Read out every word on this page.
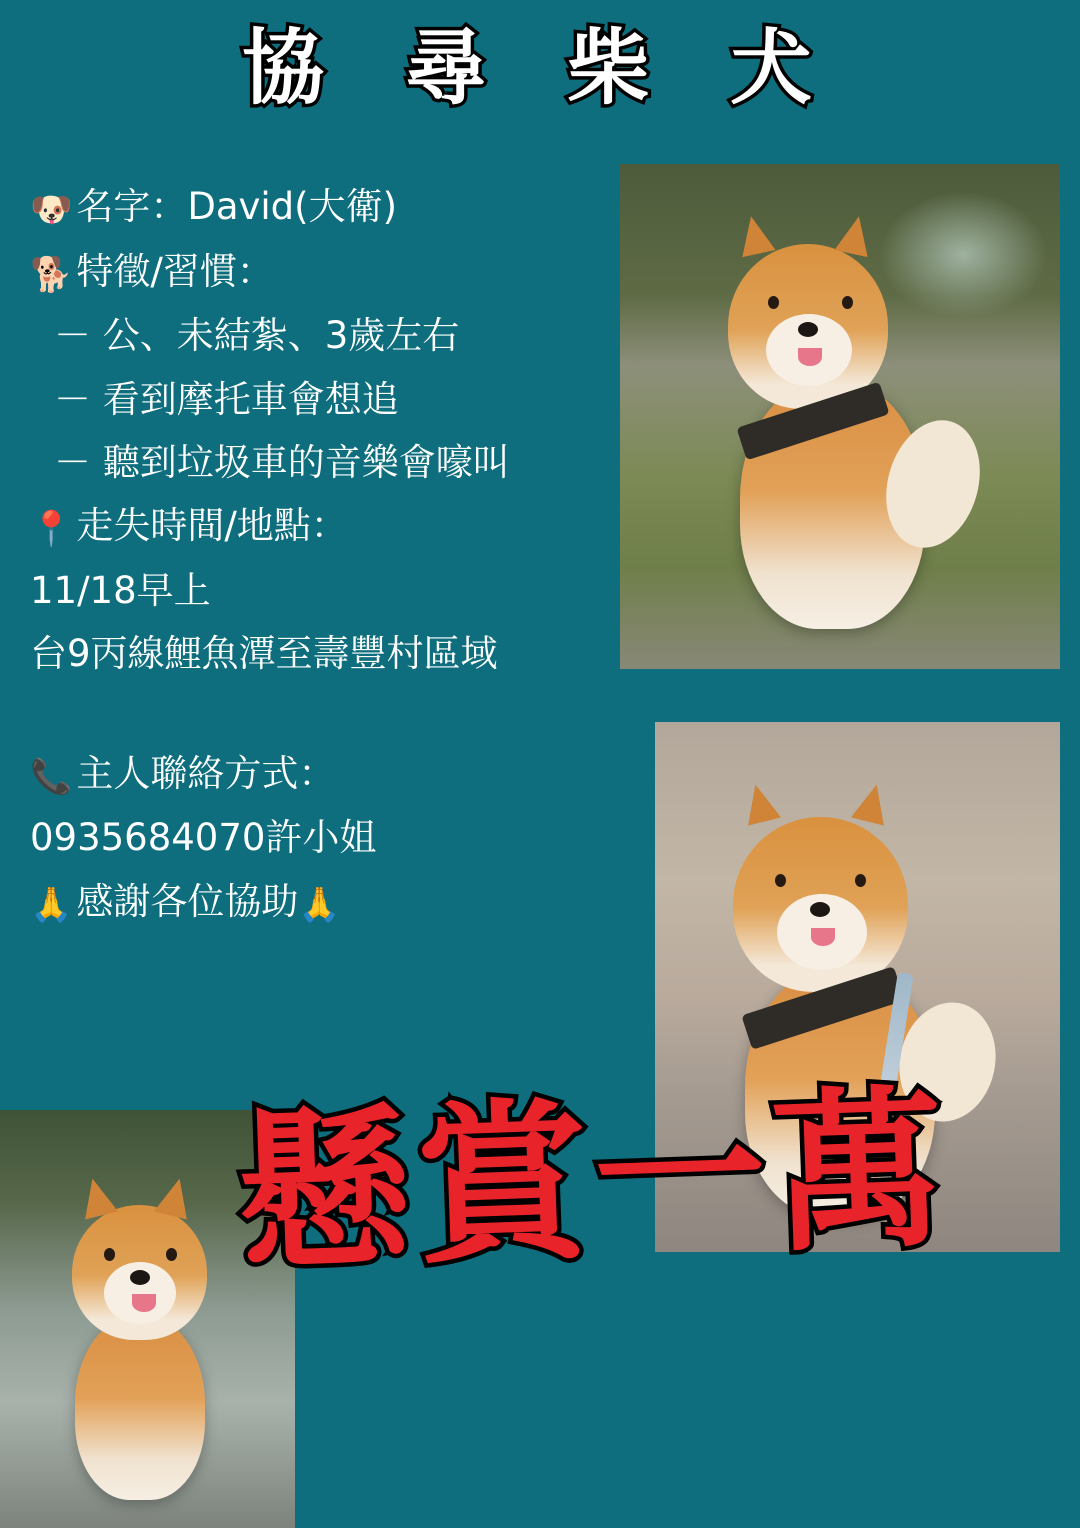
協 尋 柴 犬
🐶 名字：David(大衛)
🐕 特徵/習慣：
－ 公、未結紮、3歲左右
－ 看到摩托車會想追
－ 聽到垃圾車的音樂會嚎叫
📍 走失時間/地點：
11/18早上
台9丙線鯉魚潭至壽豐村區域
📞 主人聯絡方式：
0935684070許小姐
🙏 感謝各位協助🙏
懸賞一萬
